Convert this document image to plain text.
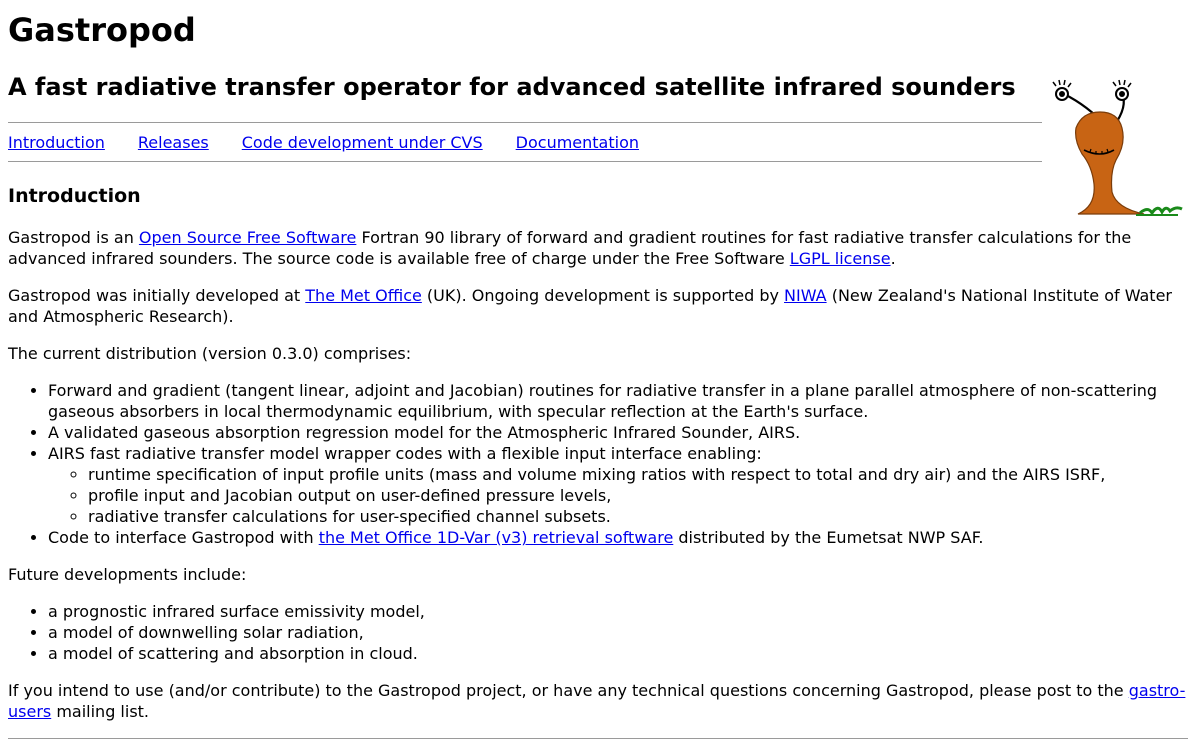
Gastropod
A fast radiative transfer operator for advanced satellite infrared sounders
Introduction Releases Code development under CVS Documentation
Introduction

Gastropod is an Open Source Free Software Fortran 90 library of forward and gradient routines for fast radiative transfer calculations for the advanced infrared sounders. The source code is available free of charge under the Free Software LGPL license.

Gastropod was initially developed at The Met Office (UK). Ongoing development is supported by NIWA (New Zealand's National Institute of Water and Atmospheric Research).

The current distribution (version 0.3.0) comprises:

• Forward and gradient (tangent linear, adjoint and Jacobian) routines for radiative transfer in a plane parallel atmosphere of non-scattering gaseous absorbers in local thermodynamic equilibrium, with specular reflection at the Earth's surface.
• A validated gaseous absorption regression model for the Atmospheric Infrared Sounder, AIRS.
• AIRS fast radiative transfer model wrapper codes with a flexible input interface enabling:
◦ runtime specification of input profile units (mass and volume mixing ratios with respect to total and dry air) and the AIRS ISRF,
◦ profile input and Jacobian output on user-defined pressure levels,
◦ radiative transfer calculations for user-specified channel subsets.
• Code to interface Gastropod with the Met Office 1D-Var (v3) retrieval software distributed by the Eumetsat NWP SAF.

Future developments include:

• a prognostic infrared surface emissivity model,
• a model of downwelling solar radiation,
• a model of scattering and absorption in cloud.

If you intend to use (and/or contribute) to the Gastropod project, or have any technical questions concerning Gastropod, please post to the gastro-users mailing list.
